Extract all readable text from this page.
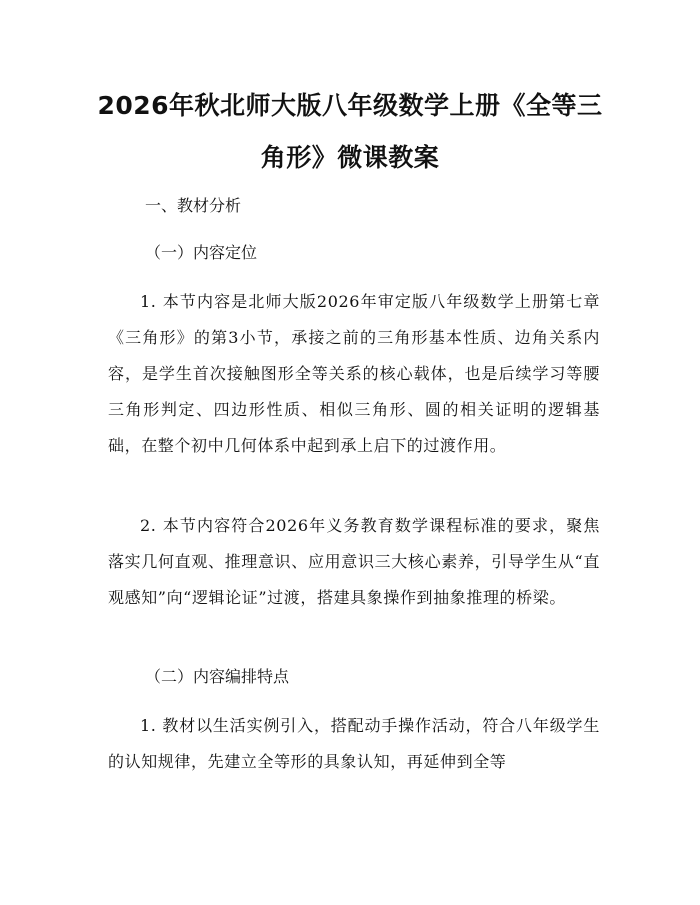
2026年秋北师大版八年级数学上册《全等三
角形》微课教案
一、教材分析
（一）内容定位

1. 本节内容是北师大版2026年审定版八年级数学上册第七章《三角形》的第3小节，承接之前的三角形基本性质、边角关系内容，是学生首次接触图形全等关系的核心载体，也是后续学习等腰三角形判定、四边形性质、相似三角形、圆的相关证明的逻辑基础，在整个初中几何体系中起到承上启下的过渡作用。

2. 本节内容符合2026年义务教育数学课程标准的要求，聚焦落实几何直观、推理意识、应用意识三大核心素养，引导学生从“直观感知”向“逻辑论证”过渡，搭建具象操作到抽象推理的桥梁。

（二）内容编排特点

1. 教材以生活实例引入，搭配动手操作活动，符合八年级学生的认知规律，先建立全等形的具象认知，再延伸到全等
